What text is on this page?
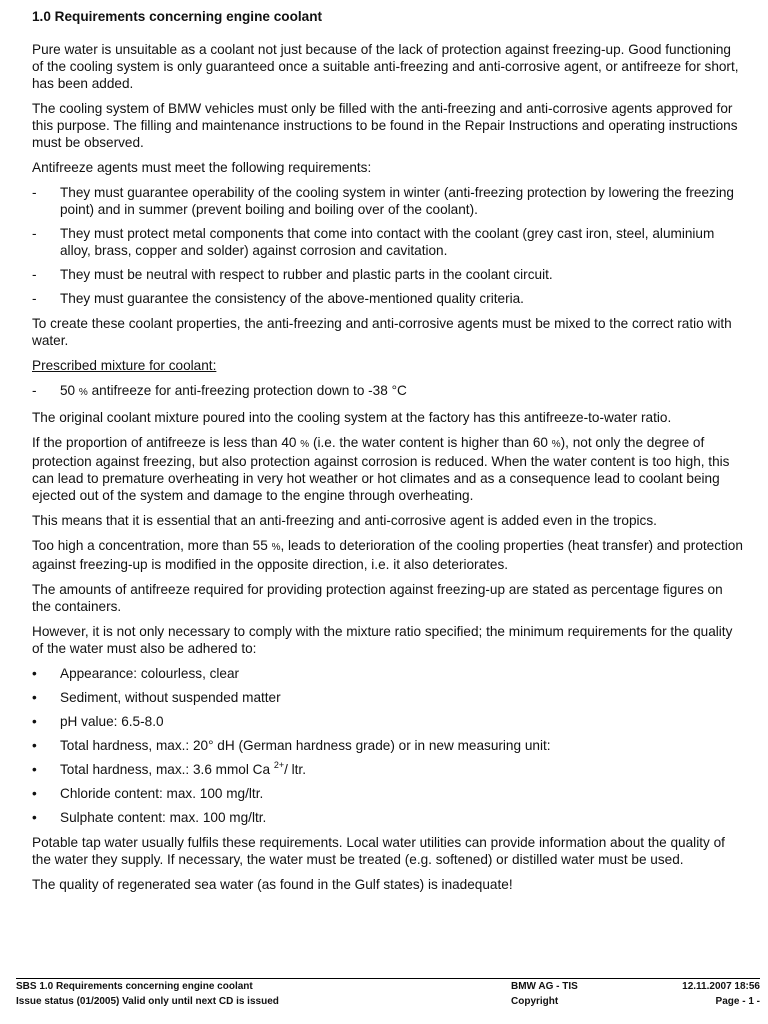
1.0 Requirements concerning engine coolant

Pure water is unsuitable as a coolant not just because of the lack of protection against freezing-up. Good functioning of the cooling system is only guaranteed once a suitable anti-freezing and anti-corrosive agent, or antifreeze for short, has been added.

The cooling system of BMW vehicles must only be filled with the anti-freezing and anti-corrosive agents approved for this purpose. The filling and maintenance instructions to be found in the Repair Instructions and operating instructions must be observed.

Antifreeze agents must meet the following requirements:

- They must guarantee operability of the cooling system in winter (anti-freezing protection by lowering the freezing point) and in summer (prevent boiling and boiling over of the coolant).
- They must protect metal components that come into contact with the coolant (grey cast iron, steel, aluminium alloy, brass, copper and solder) against corrosion and cavitation.
- They must be neutral with respect to rubber and plastic parts in the coolant circuit.
- They must guarantee the consistency of the above-mentioned quality criteria.

To create these coolant properties, the anti-freezing and anti-corrosive agents must be mixed to the correct ratio with water.

Prescribed mixture for coolant:

- 50 % antifreeze for anti-freezing protection down to -38 °C

The original coolant mixture poured into the cooling system at the factory has this antifreeze-to-water ratio.

If the proportion of antifreeze is less than 40 % (i.e. the water content is higher than 60 %), not only the degree of protection against freezing, but also protection against corrosion is reduced. When the water content is too high, this can lead to premature overheating in very hot weather or hot climates and as a consequence lead to coolant being ejected out of the system and damage to the engine through overheating.

This means that it is essential that an anti-freezing and anti-corrosive agent is added even in the tropics.

Too high a concentration, more than 55 %, leads to deterioration of the cooling properties (heat transfer) and protection against freezing-up is modified in the opposite direction, i.e. it also deteriorates.

The amounts of antifreeze required for providing protection against freezing-up are stated as percentage figures on the containers.

However, it is not only necessary to comply with the mixture ratio specified; the minimum requirements for the quality of the water must also be adhered to:

• Appearance: colourless, clear
• Sediment, without suspended matter
• pH value: 6.5-8.0
• Total hardness, max.: 20° dH (German hardness grade) or in new measuring unit:
• Total hardness, max.: 3.6 mmol Ca $^{2+}$/ ltr.
• Chloride content: max. 100 mg/ltr.
• Sulphate content: max. 100 mg/ltr.

Potable tap water usually fulfils these requirements. Local water utilities can provide information about the quality of the water they supply. If necessary, the water must be treated (e.g. softened) or distilled water must be used.

The quality of regenerated sea water (as found in the Gulf states) is inadequate!

SBS 1.0 Requirements concerning engine coolant	BMW AG - TIS	12.11.2007 18:56
Issue status (01/2005) Valid only until next CD is issued	Copyright	Page - 1 -
